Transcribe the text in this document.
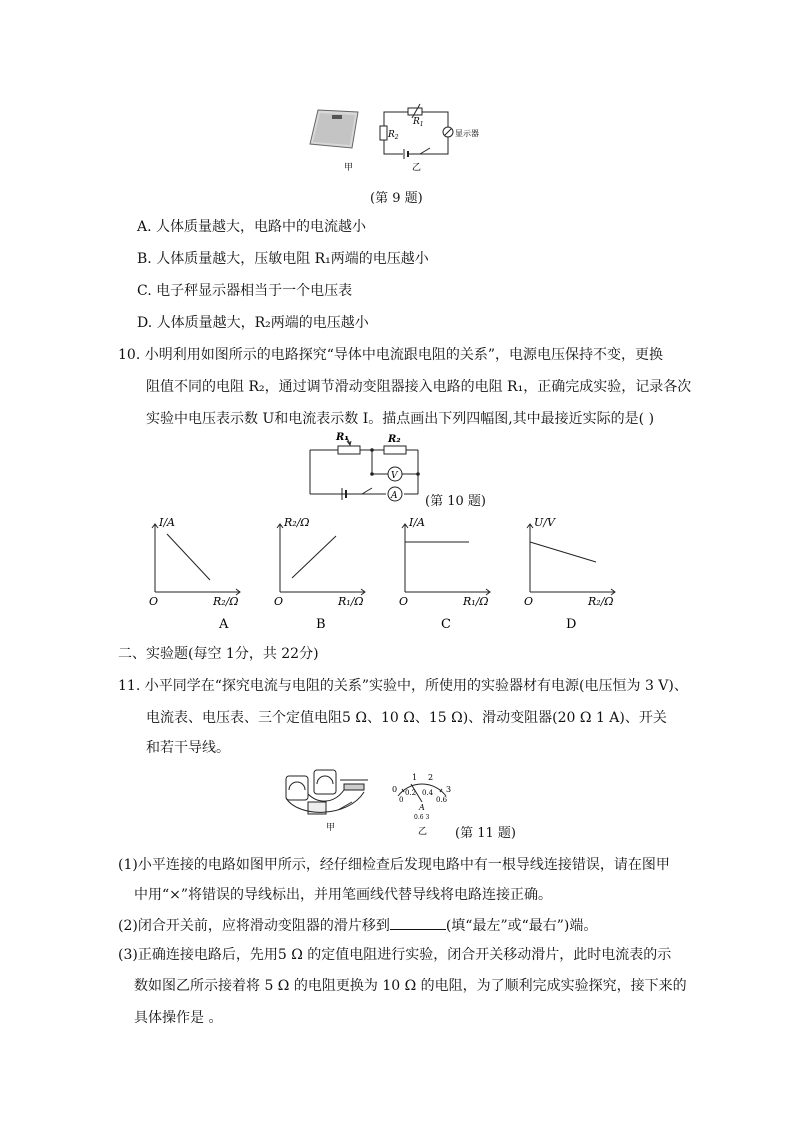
$R_1$
$R_2$	显示器
甲	乙
(第 9 题)
A. 人体质量越大，电路中的电流越小
B. 人体质量越大，压敏电阻 R₁两端的电压越小
C. 电子秤显示器相当于一个电压表
D. 人体质量越大，R₂两端的电压越小
10. 小明利用如图所示的电路探究“导体中电流跟电阻的关系”，电源电压保持不变，更换
阻值不同的电阻 R₂，通过调节滑动变阻器接入电路的电阻 R₁，正确完成实验，记录各次
实验中电压表示数 U和电流表示数 I。描点画出下列四幅图,其中最接近实际的是( )
R₁	R₂
V
A (第 10 题)
I/A
O	R₂/Ω
A
R₂/Ω
O	R₁/Ω
B
I/A
O	R₁/Ω
C
U/V
O	R₂/Ω
D
二、实验题(每空 1分，共 22分)
11. 小平同学在“探究电流与电阻的关系”实验中，所使用的实验器材有电源(电压恒为 3 V)、
电流表、电压表、三个定值电阻5 Ω、10 Ω、15 Ω)、滑动变阻器(20 Ω 1 A)、开关
和若干导线。
1 2
0	3
0
0.2 0.4
0.6
A
0.6 3
甲	乙 (第 11 题)
(1)小平连接的电路如图甲所示，经仔细检查后发现电路中有一根导线连接错误，请在图甲
中用“×”将错误的导线标出，并用笔画线代替导线将电路连接正确。
(2)闭合开关前，应将滑动变阻器的滑片移到	(填“最左”或“最右”)端。
(3)正确连接电路后，先用5 Ω 的定值电阻进行实验，闭合开关移动滑片，此时电流表的示
数如图乙所示接着将 5 Ω 的电阻更换为 10 Ω 的电阻，为了顺利完成实验探究，接下来的
具体操作是 。
